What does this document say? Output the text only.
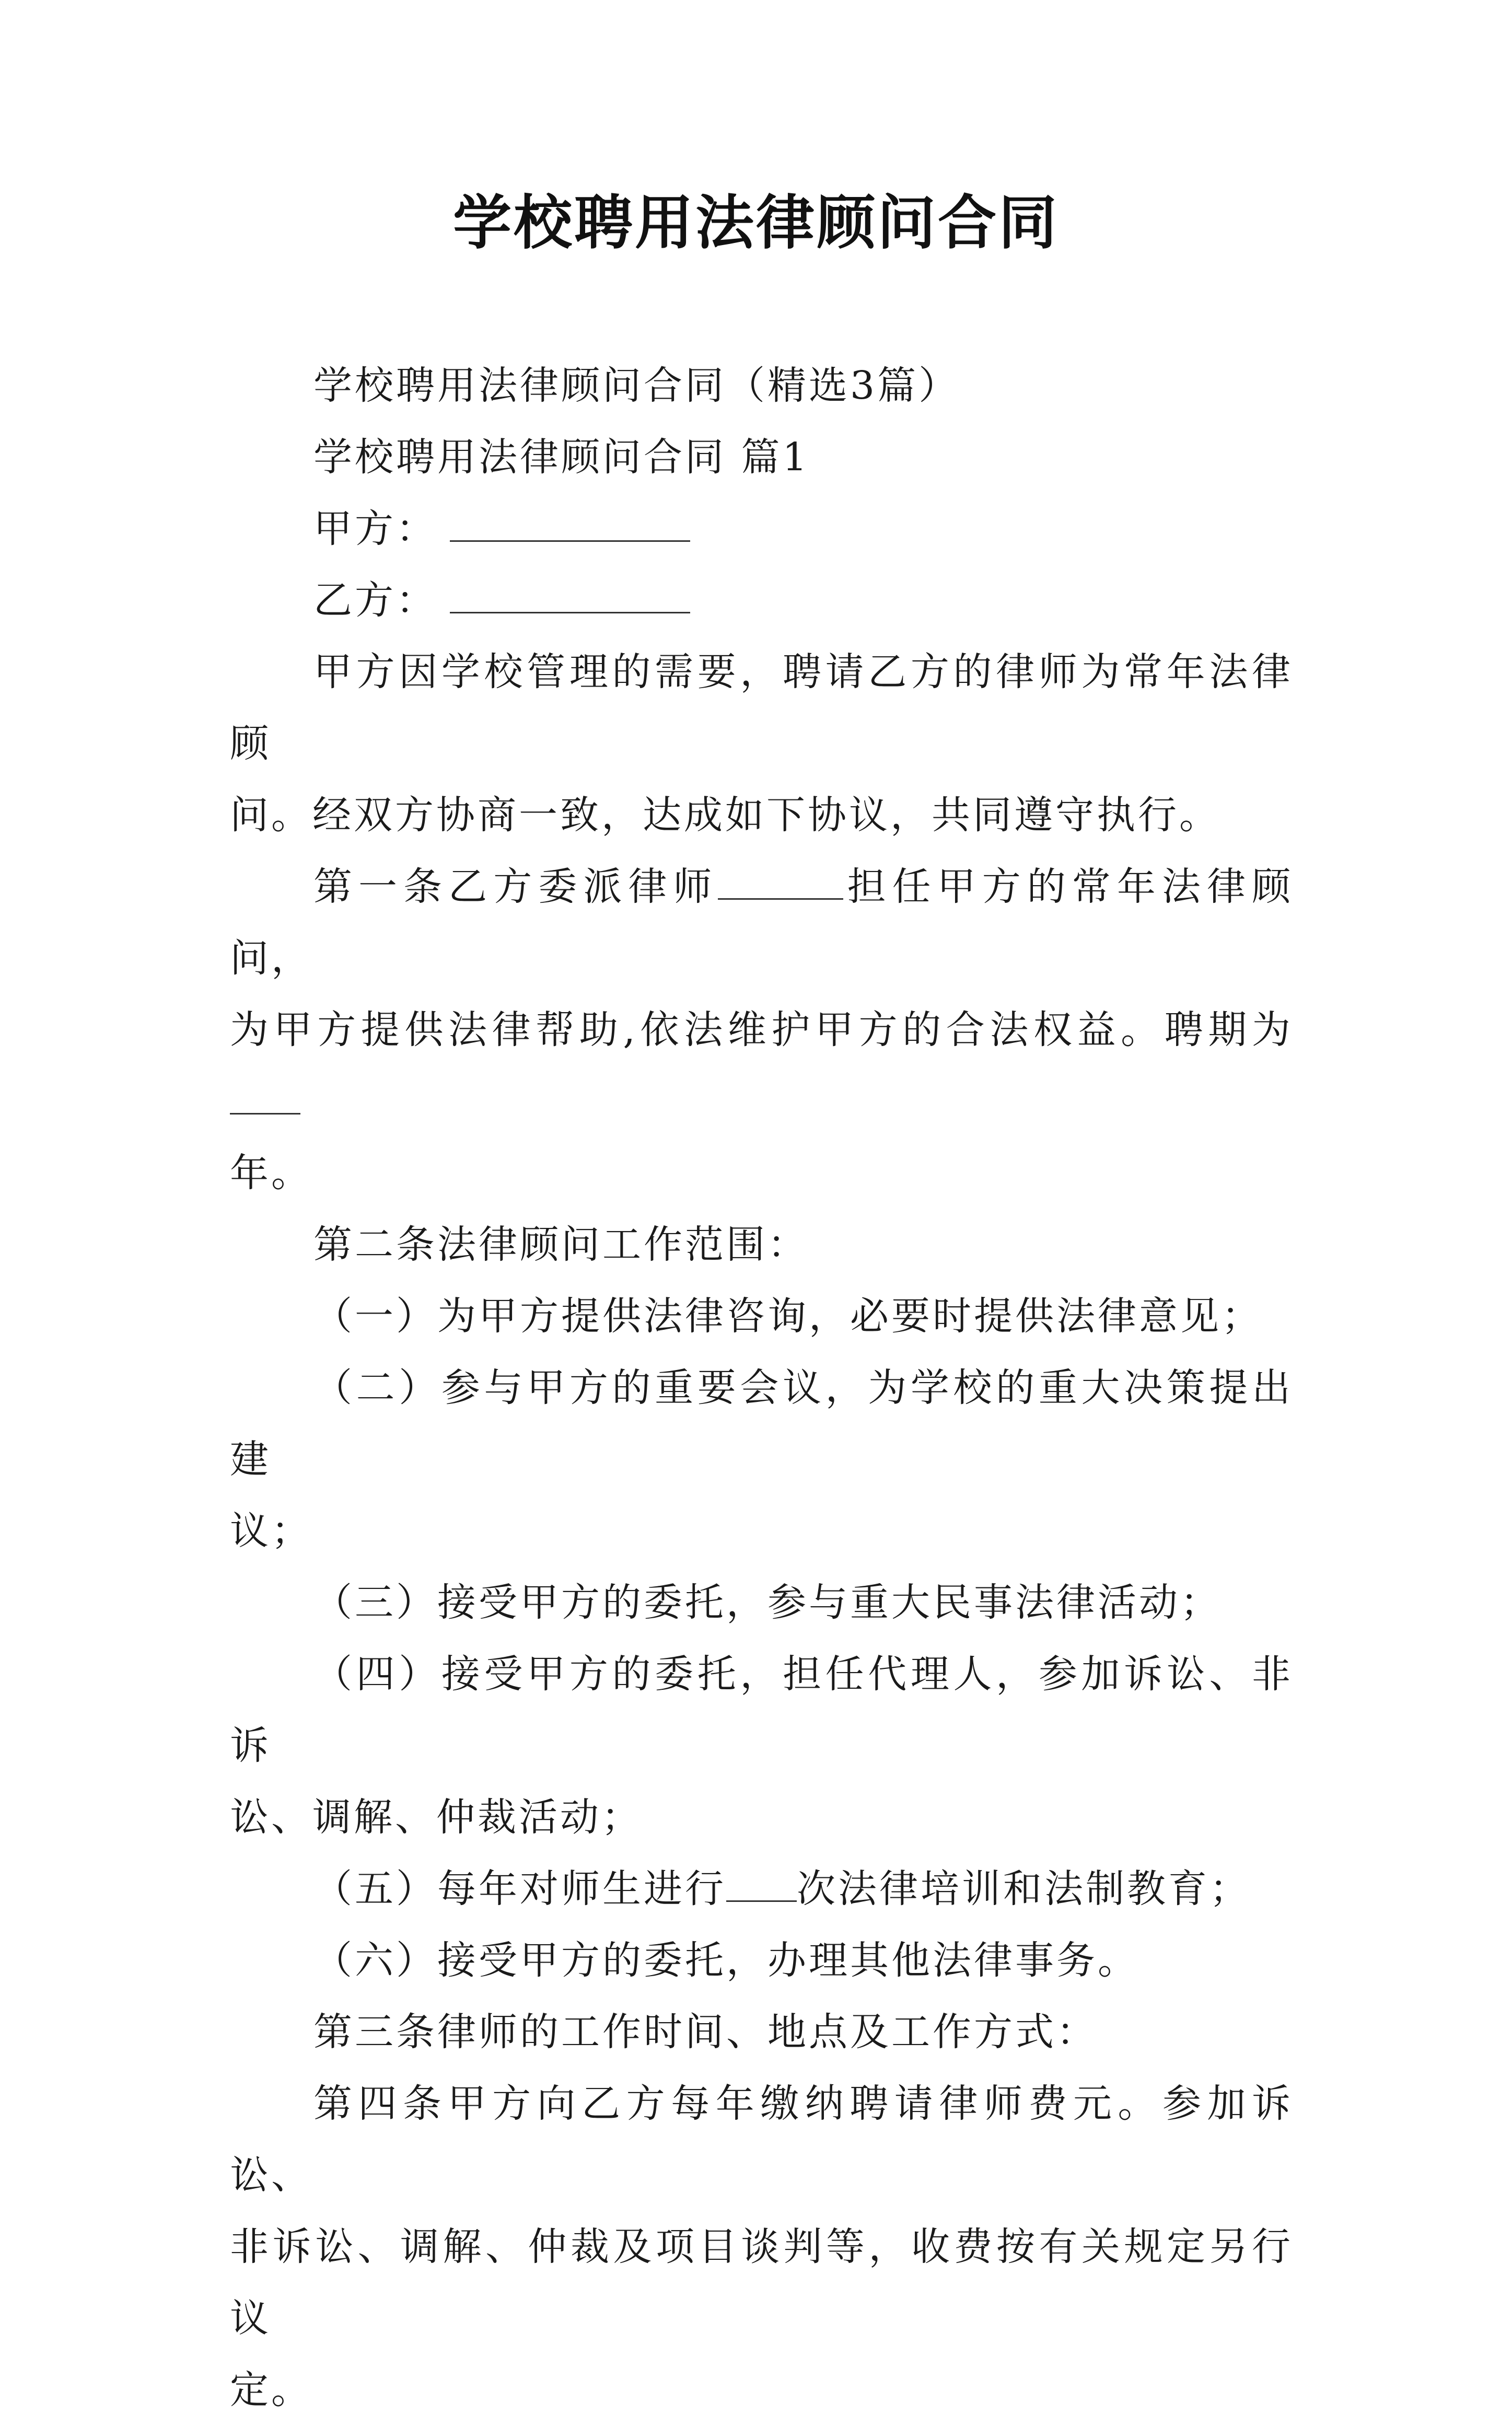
学校聘用法律顾问合同

学校聘用法律顾问合同（精选3篇）

学校聘用法律顾问合同 篇1

甲方：

乙方：

甲方因学校管理的需要，聘请乙方的律师为常年法律顾

问。经双方协商一致，达成如下协议，共同遵守执行。

第一条乙方委派律师	担任甲方的常年法律顾问，

为甲方提供法律帮助,依法维护甲方的合法权益。聘期为

年。

第二条法律顾问工作范围：

（一）为甲方提供法律咨询，必要时提供法律意见；

（二）参与甲方的重要会议，为学校的重大决策提出建

议；

（三）接受甲方的委托，参与重大民事法律活动；

（四）接受甲方的委托，担任代理人，参加诉讼、非诉

讼、调解、仲裁活动；

（五）每年对师生进行 次法律培训和法制教育；

（六）接受甲方的委托，办理其他法律事务。

第三条律师的工作时间、地点及工作方式：

第四条甲方向乙方每年缴纳聘请律师费元。参加诉讼、

非诉讼、调解、仲裁及项目谈判等，收费按有关规定另行议

定。
